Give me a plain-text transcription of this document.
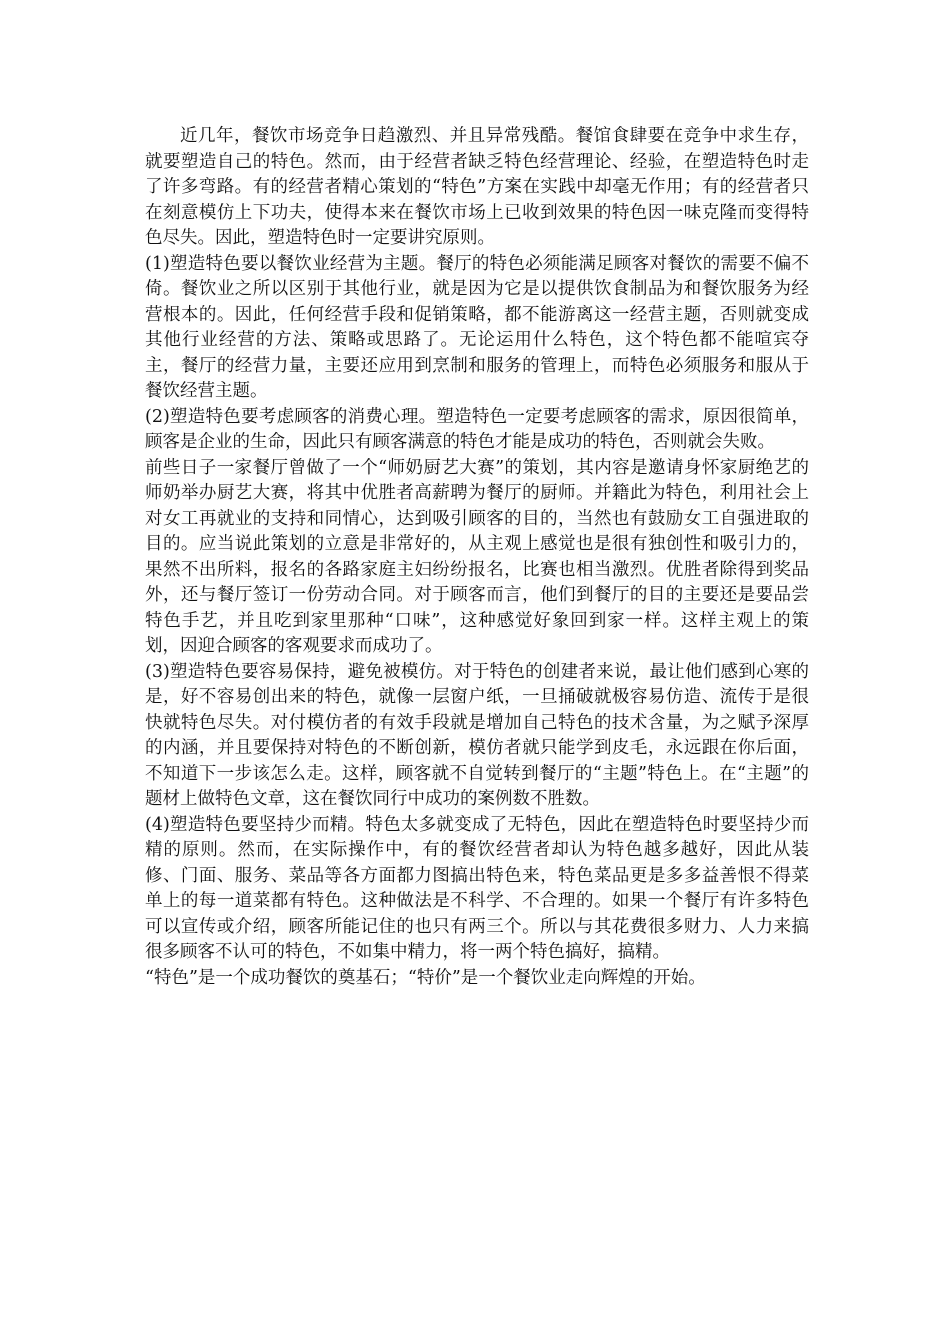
近几年，餐饮市场竞争日趋激烈、并且异常残酷。餐馆食肆要在竞争中求生存，就要塑造自己的特色。然而，由于经营者缺乏特色经营理论、经验，在塑造特色时走了许多弯路。有的经营者精心策划的“特色”方案在实践中却毫无作用；有的经营者只在刻意模仿上下功夫，使得本来在餐饮市场上已收到效果的特色因一味克隆而变得特色尽失。因此，塑造特色时一定要讲究原则。

(1)塑造特色要以餐饮业经营为主题。餐厅的特色必须能满足顾客对餐饮的需要不偏不倚。餐饮业之所以区别于其他行业，就是因为它是以提供饮食制品为和餐饮服务为经营根本的。因此，任何经营手段和促销策略，都不能游离这一经营主题，否则就变成其他行业经营的方法、策略或思路了。无论运用什么特色，这个特色都不能喧宾夺主，餐厅的经营力量，主要还应用到烹制和服务的管理上，而特色必须服务和服从于餐饮经营主题。

(2)塑造特色要考虑顾客的消费心理。塑造特色一定要考虑顾客的需求，原因很简单，顾客是企业的生命，因此只有顾客满意的特色才能是成功的特色，否则就会失败。

前些日子一家餐厅曾做了一个“师奶厨艺大赛”的策划，其内容是邀请身怀家厨绝艺的师奶举办厨艺大赛，将其中优胜者高薪聘为餐厅的厨师。并籍此为特色，利用社会上对女工再就业的支持和同情心，达到吸引顾客的目的，当然也有鼓励女工自强进取的目的。应当说此策划的立意是非常好的，从主观上感觉也是很有独创性和吸引力的，果然不出所料，报名的各路家庭主妇纷纷报名，比赛也相当激烈。优胜者除得到奖品外，还与餐厅签订一份劳动合同。对于顾客而言，他们到餐厅的目的主要还是要品尝特色手艺，并且吃到家里那种“口味”，这种感觉好象回到家一样。这样主观上的策划，因迎合顾客的客观要求而成功了。

(3)塑造特色要容易保持，避免被模仿。对于特色的创建者来说，最让他们感到心寒的是，好不容易创出来的特色，就像一层窗户纸，一旦捅破就极容易仿造、流传于是很快就特色尽失。对付模仿者的有效手段就是增加自己特色的技术含量，为之赋予深厚的内涵，并且要保持对特色的不断创新，模仿者就只能学到皮毛，永远跟在你后面，不知道下一步该怎么走。这样，顾客就不自觉转到餐厅的“主题”特色上。在“主题”的题材上做特色文章，这在餐饮同行中成功的案例数不胜数。

(4)塑造特色要坚持少而精。特色太多就变成了无特色，因此在塑造特色时要坚持少而精的原则。然而，在实际操作中，有的餐饮经营者却认为特色越多越好，因此从装修、门面、服务、菜品等各方面都力图搞出特色来，特色菜品更是多多益善恨不得菜单上的每一道菜都有特色。这种做法是不科学、不合理的。如果一个餐厅有许多特色可以宣传或介绍，顾客所能记住的也只有两三个。所以与其花费很多财力、人力来搞很多顾客不认可的特色，不如集中精力，将一两个特色搞好，搞精。

“特色”是一个成功餐饮的奠基石；“特价”是一个餐饮业走向辉煌的开始。
